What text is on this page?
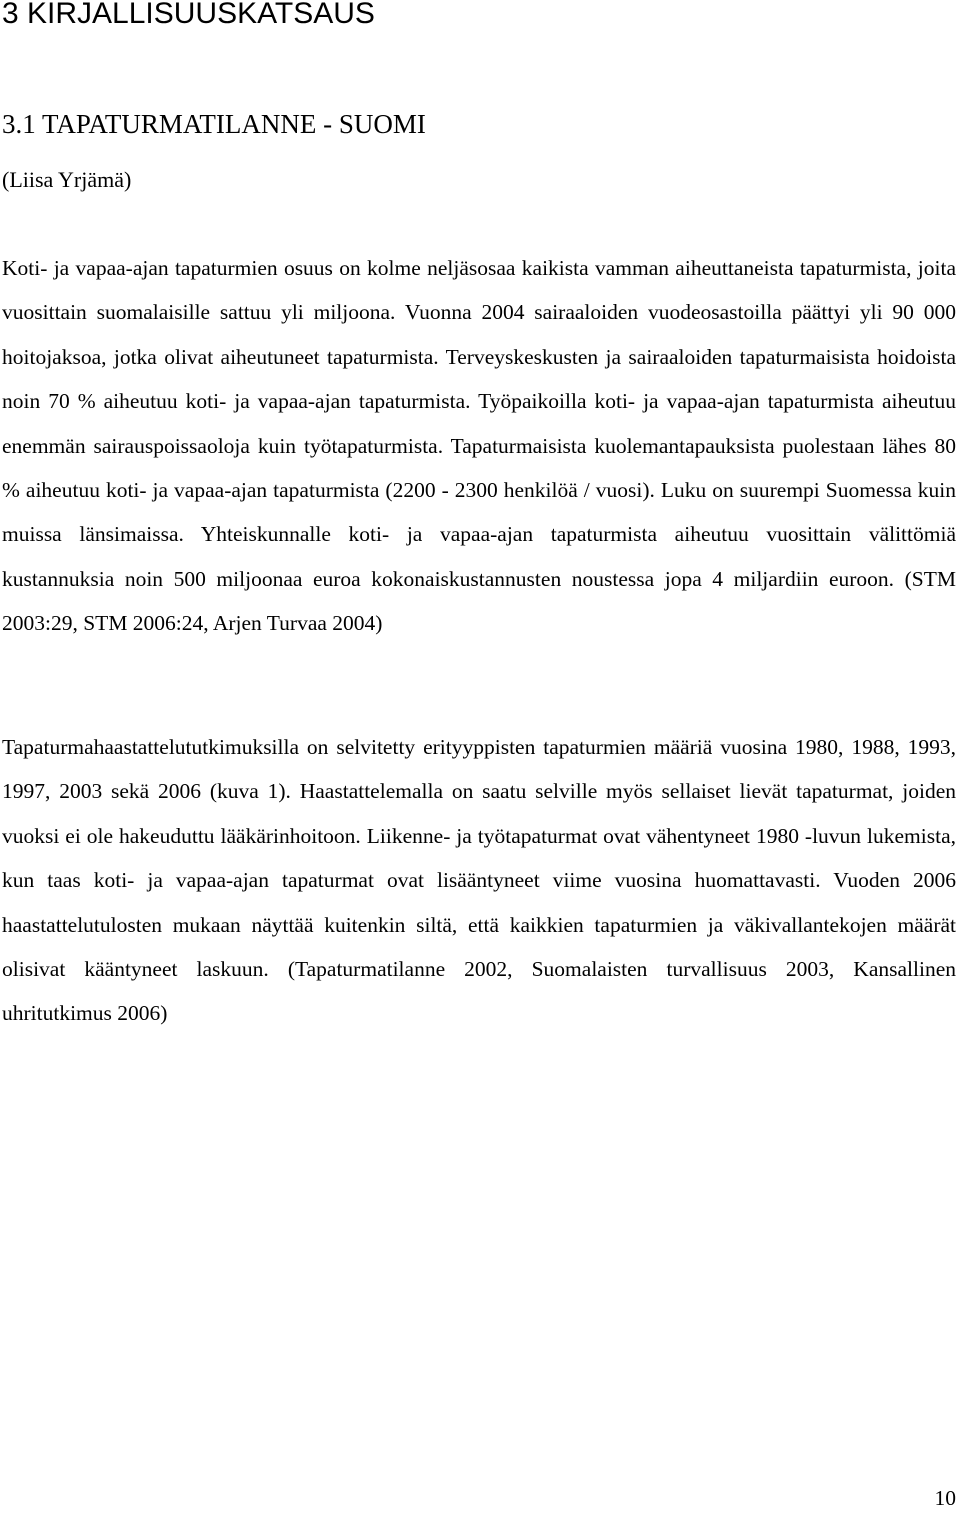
3 KIRJALLISUUSKATSAUS
3.1 TAPATURMATILANNE - SUOMI

(Liisa Yrjämä)

Koti- ja vapaa-ajan tapaturmien osuus on kolme neljäsosaa kaikista vamman aiheuttaneista tapaturmista, joita vuosittain suomalaisille sattuu yli miljoona. Vuonna 2004 sairaaloiden vuodeosastoilla päättyi yli 90 000 hoitojaksoa, jotka olivat aiheutuneet tapaturmista. Terveyskeskusten ja sairaaloiden tapaturmaisista hoidoista noin 70 % aiheutuu koti- ja vapaa-ajan tapaturmista. Työpaikoilla koti- ja vapaa-ajan tapaturmista aiheutuu enemmän sairauspoissaoloja kuin työtapaturmista. Tapaturmaisista kuolemantapauksista puolestaan lähes 80 % aiheutuu koti- ja vapaa-ajan tapaturmista (2200 - 2300 henkilöä / vuosi). Luku on suurempi Suomessa kuin muissa länsimaissa. Yhteiskunnalle koti- ja vapaa-ajan tapaturmista aiheutuu vuosittain välittömiä kustannuksia noin 500 miljoonaa euroa kokonaiskustannusten noustessa jopa 4 miljardiin euroon. (STM 2003:29, STM 2006:24, Arjen Turvaa 2004)

Tapaturmahaastattelututkimuksilla on selvitetty erityyppisten tapaturmien määriä vuosina 1980, 1988, 1993, 1997, 2003 sekä 2006 (kuva 1). Haastattelemalla on saatu selville myös sellaiset lievät tapaturmat, joiden vuoksi ei ole hakeuduttu lääkärinhoitoon. Liikenne- ja työtapaturmat ovat vähentyneet 1980 -luvun lukemista, kun taas koti- ja vapaa-ajan tapaturmat ovat lisääntyneet viime vuosina huomattavasti. Vuoden 2006 haastattelutulosten mukaan näyttää kuitenkin siltä, että kaikkien tapaturmien ja väkivallantekojen määrät olisivat kääntyneet laskuun. (Tapaturmatilanne 2002, Suomalaisten turvallisuus 2003, Kansallinen uhritutkimus 2006)

10
